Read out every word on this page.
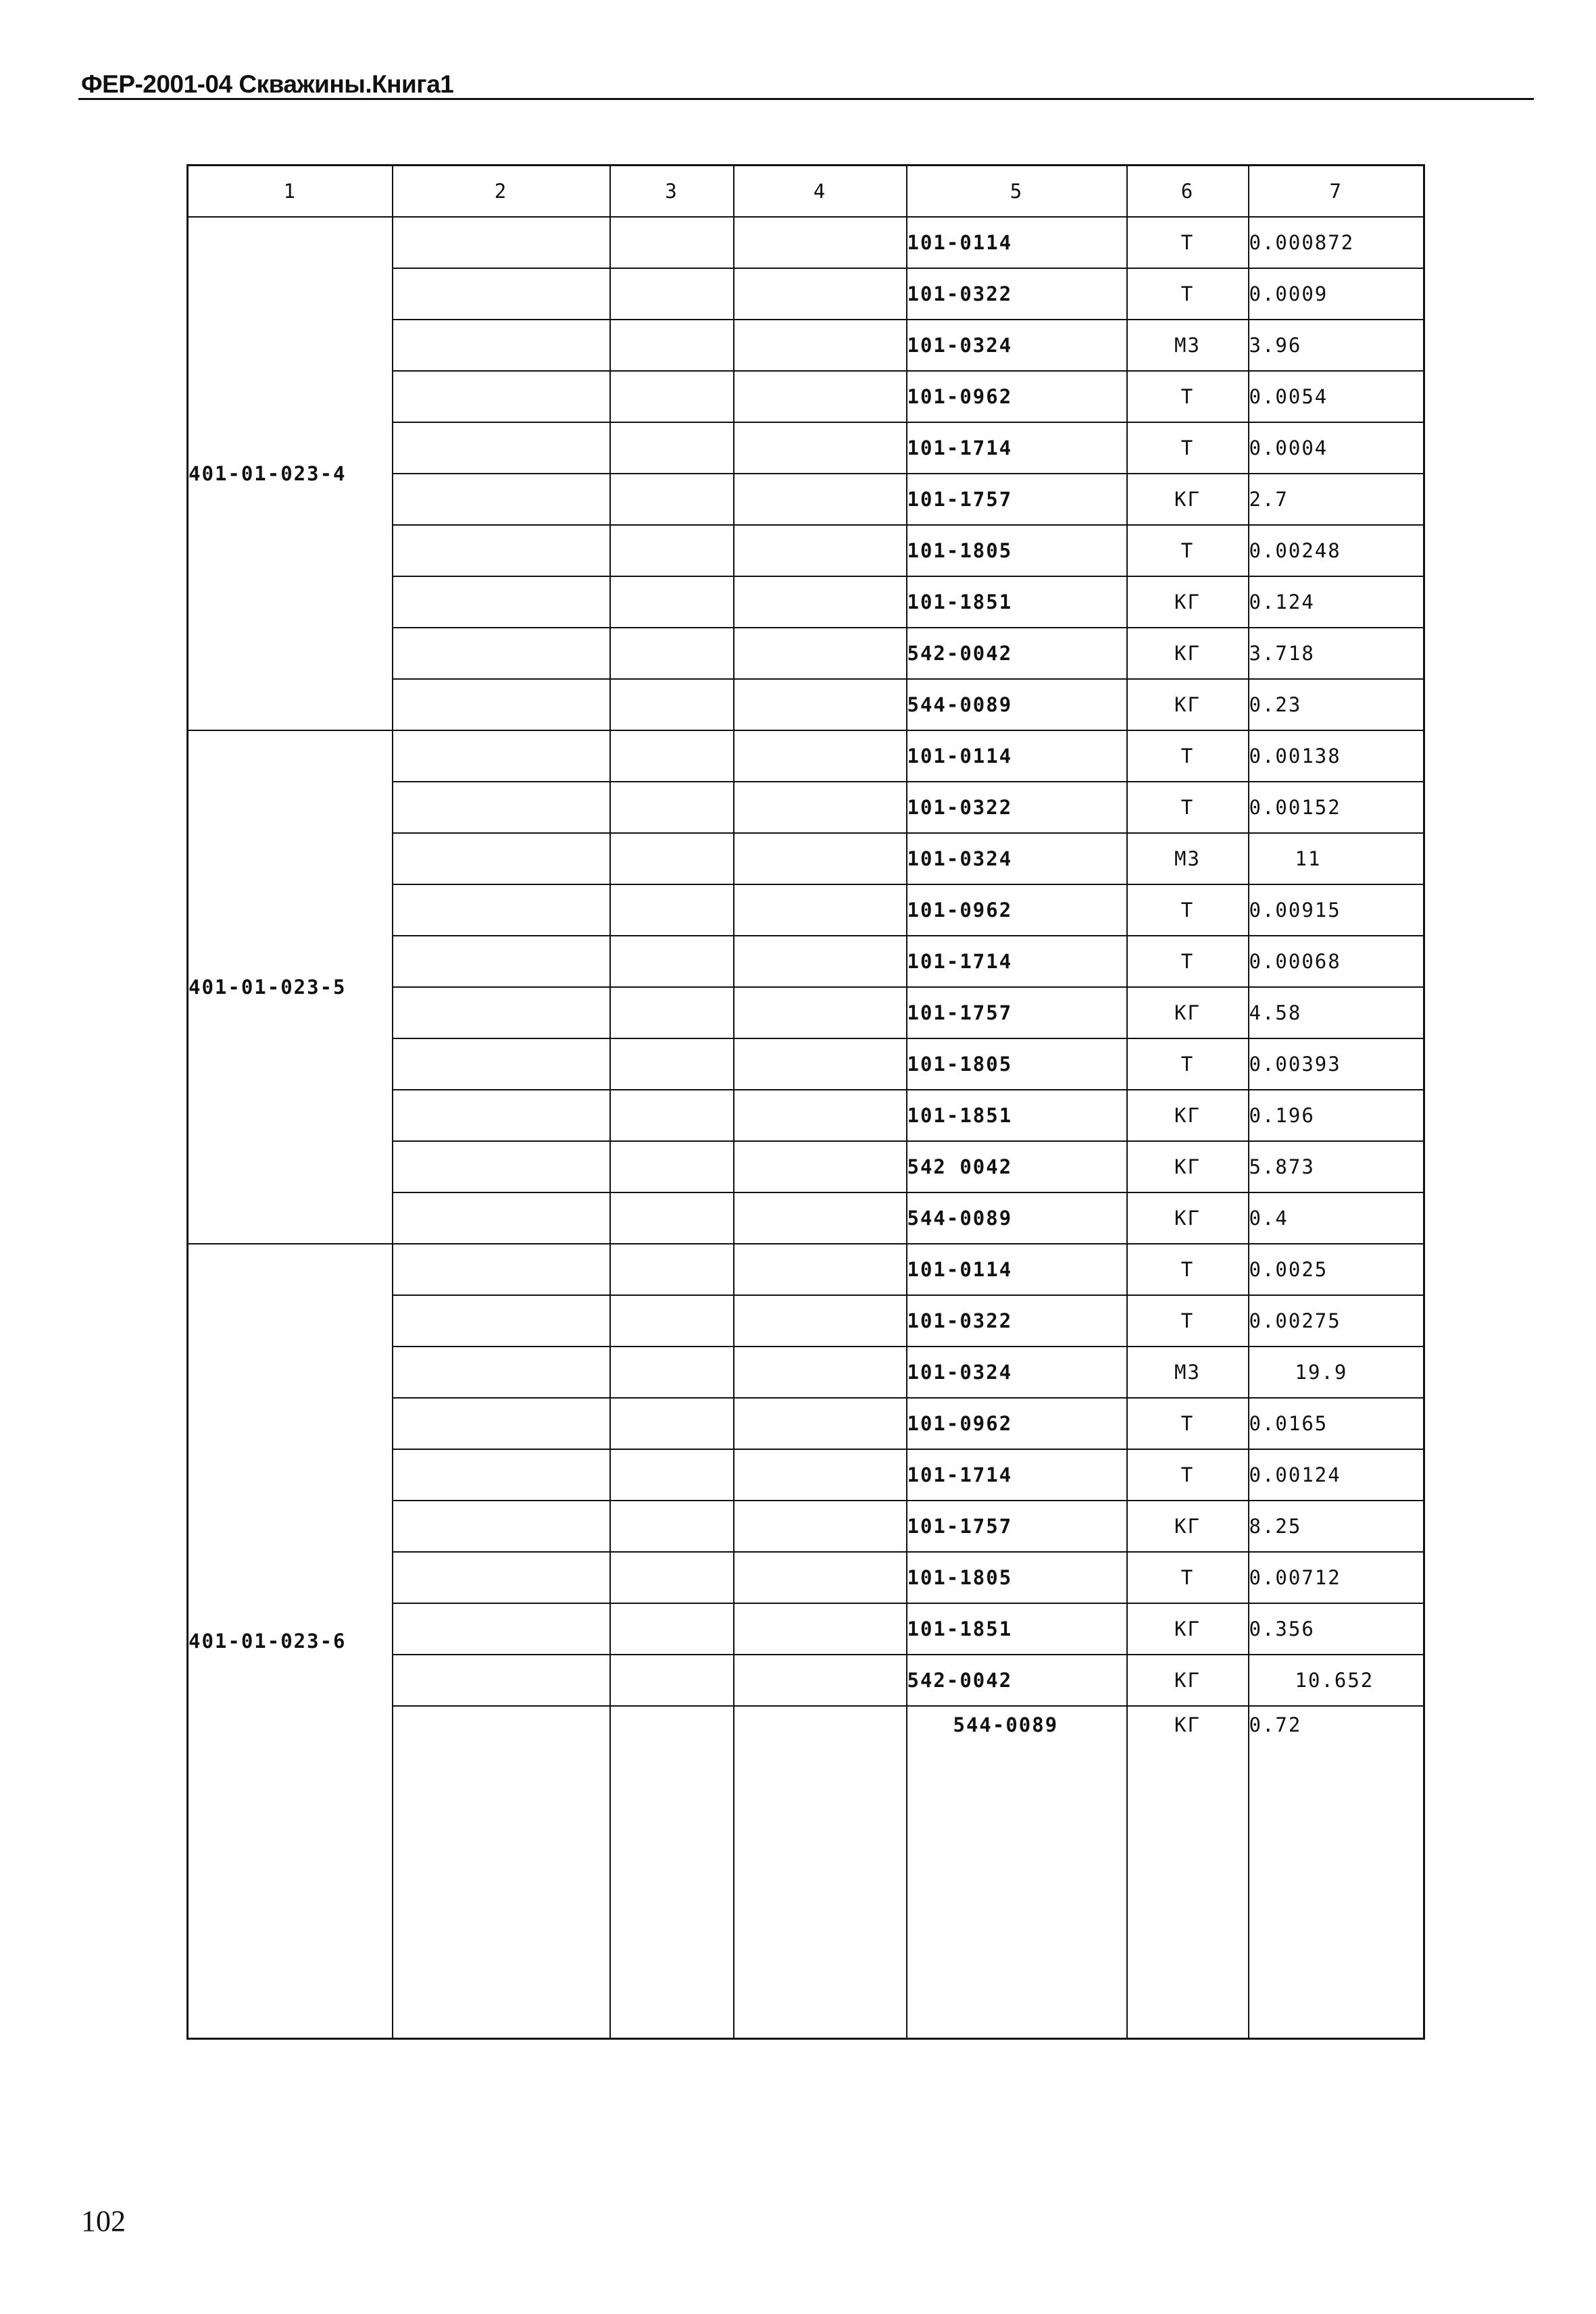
ФЕР-2001-04 Скважины.Книга1
1	2	3	4	5	6	7
401-01-023-4				101-0114	Т	0.000872
				101-0322	Т	0.0009
				101-0324	М3	3.96
				101-0962	Т	0.0054
				101-1714	Т	0.0004
				101-1757	КГ	2.7
				101-1805	Т	0.00248
				101-1851	КГ	0.124
				542-0042	КГ	3.718
				544-0089	КГ	0.23
401-01-023-5				101-0114	Т	0.00138
				101-0322	Т	0.00152
				101-0324	М3	11
				101-0962	Т	0.00915
				101-1714	Т	0.00068
				101-1757	КГ	4.58
				101-1805	Т	0.00393
				101-1851	КГ	0.196
				542 0042	КГ	5.873
				544-0089	КГ	0.4
401-01-023-6				101-0114	Т	0.0025
				101-0322	Т	0.00275
				101-0324	М3	19.9
				101-0962	Т	0.0165
				101-1714	Т	0.00124
				101-1757	КГ	8.25
				101-1805	Т	0.00712
				101-1851	КГ	0.356
				542-0042	КГ	10.652
				544-0089	КГ	0.72
102
